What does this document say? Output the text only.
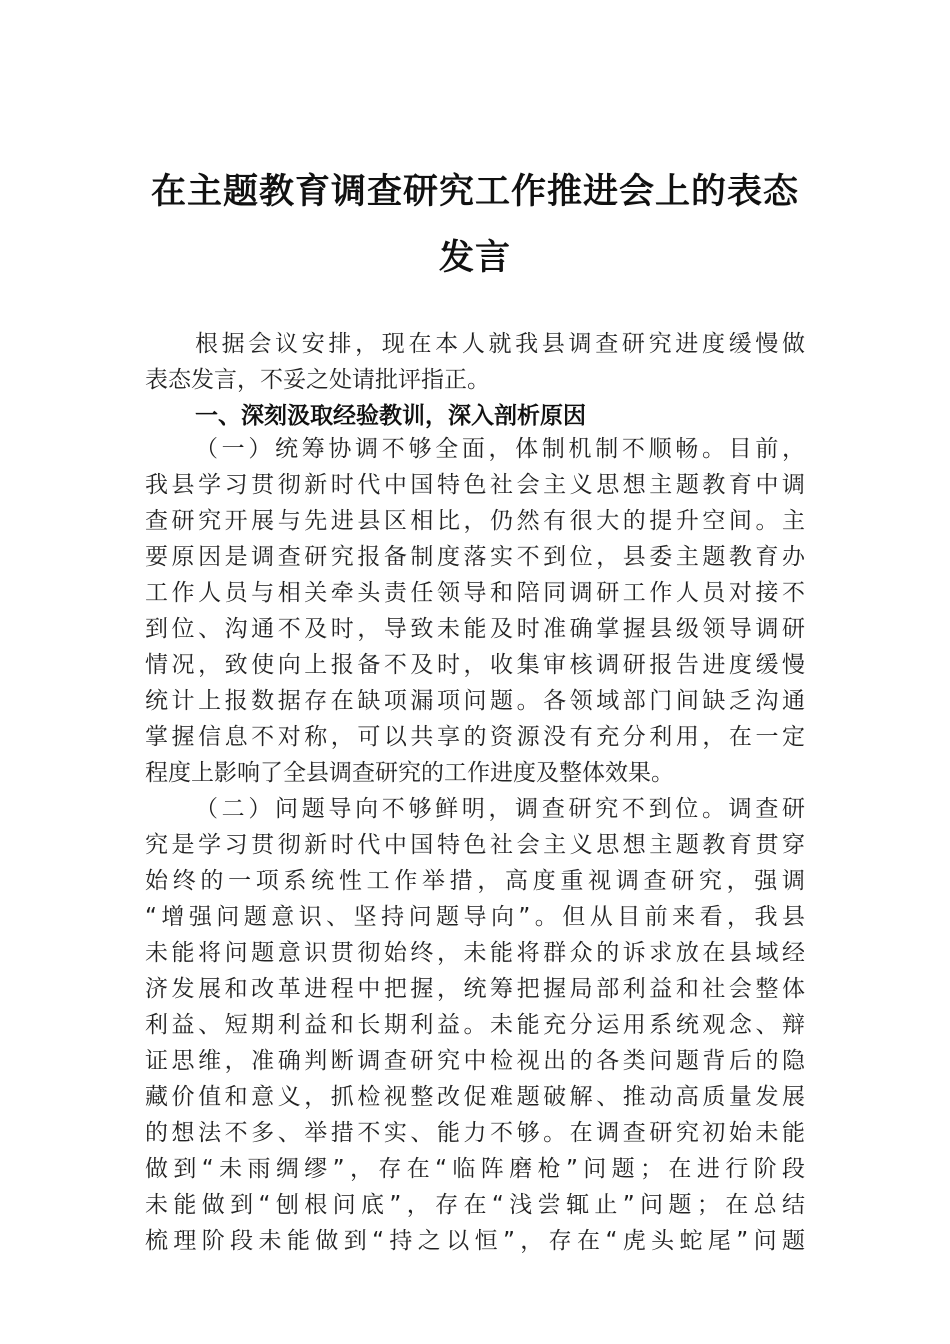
在主题教育调查研究工作推进会上的表态
发言
根据会议安排，现在本人就我县调查研究进度缓慢做
表态发言，不妥之处请批评指正。
一、深刻汲取经验教训，深入剖析原因
（一）统筹协调不够全面，体制机制不顺畅。目前，
我县学习贯彻新时代中国特色社会主义思想主题教育中调
查研究开展与先进县区相比，仍然有很大的提升空间。主
要原因是调查研究报备制度落实不到位，县委主题教育办
工作人员与相关牵头责任领导和陪同调研工作人员对接不
到位、沟通不及时，导致未能及时准确掌握县级领导调研
情况，致使向上报备不及时，收集审核调研报告进度缓慢
统计上报数据存在缺项漏项问题。各领域部门间缺乏沟通
掌握信息不对称，可以共享的资源没有充分利用，在一定
程度上影响了全县调查研究的工作进度及整体效果。
（二）问题导向不够鲜明，调查研究不到位。调查研
究是学习贯彻新时代中国特色社会主义思想主题教育贯穿
始终的一项系统性工作举措，高度重视调查研究，强调
“增强问题意识、坚持问题导向”。但从目前来看，我县
未能将问题意识贯彻始终，未能将群众的诉求放在县域经
济发展和改革进程中把握，统筹把握局部利益和社会整体
利益、短期利益和长期利益。未能充分运用系统观念、辩
证思维，准确判断调查研究中检视出的各类问题背后的隐
藏价值和意义，抓检视整改促难题破解、推动高质量发展
的想法不多、举措不实、能力不够。在调查研究初始未能
做到“未雨绸缪”，存在“临阵磨枪”问题；在进行阶段
未能做到“刨根问底”，存在“浅尝辄止”问题；在总结
梳理阶段未能做到“持之以恒”，存在“虎头蛇尾”问题
